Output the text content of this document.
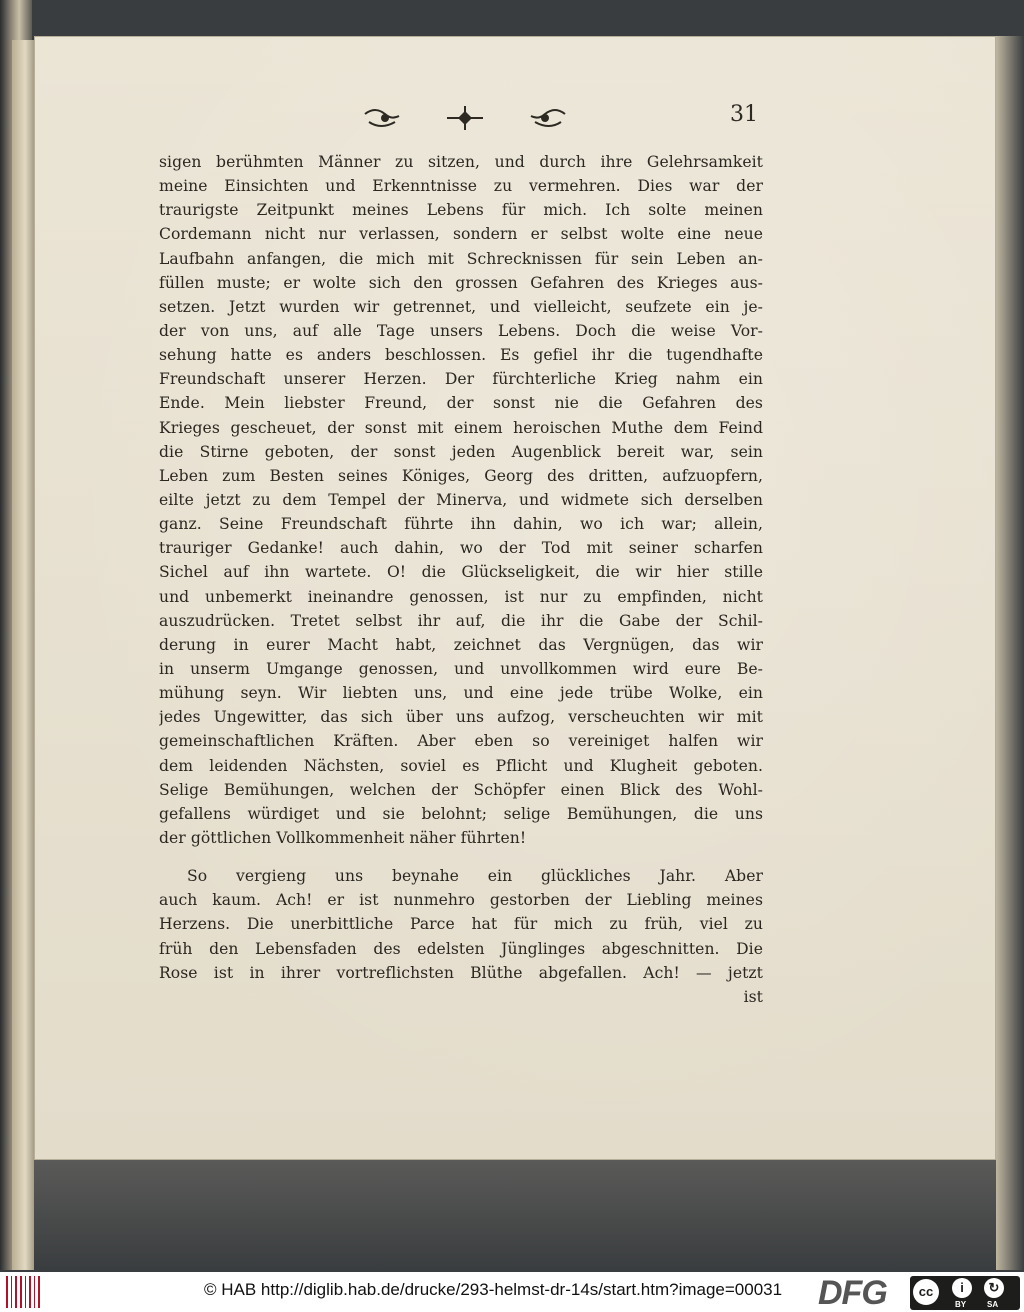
31
sigen berühmten Männer zu sitzen, und durch ihre Gelehrsamkeit
meine Einsichten und Erkenntnisse zu vermehren. Dies war der
traurigste Zeitpunkt meines Lebens für mich. Ich solte meinen
Cordemann nicht nur verlassen, sondern er selbst wolte eine neue
Laufbahn anfangen, die mich mit Schrecknissen für sein Leben an-
füllen muste; er wolte sich den grossen Gefahren des Krieges aus-
setzen. Jetzt wurden wir getrennet, und vielleicht, seufzete ein je-
der von uns, auf alle Tage unsers Lebens. Doch die weise Vor-
sehung hatte es anders beschlossen. Es gefiel ihr die tugendhafte
Freundschaft unserer Herzen. Der fürchterliche Krieg nahm ein
Ende. Mein liebster Freund, der sonst nie die Gefahren des
Krieges gescheuet, der sonst mit einem heroischen Muthe dem Feind
die Stirne geboten, der sonst jeden Augenblick bereit war, sein
Leben zum Besten seines Königes, Georg des dritten, aufzuopfern,
eilte jetzt zu dem Tempel der Minerva, und widmete sich derselben
ganz. Seine Freundschaft führte ihn dahin, wo ich war; allein,
trauriger Gedanke! auch dahin, wo der Tod mit seiner scharfen
Sichel auf ihn wartete. O! die Glückseligkeit, die wir hier stille
und unbemerkt ineinandre genossen, ist nur zu empfinden, nicht
auszudrücken. Tretet selbst ihr auf, die ihr die Gabe der Schil-
derung in eurer Macht habt, zeichnet das Vergnügen, das wir
in unserm Umgange genossen, und unvollkommen wird eure Be-
mühung seyn. Wir liebten uns, und eine jede trübe Wolke, ein
jedes Ungewitter, das sich über uns aufzog, verscheuchten wir mit
gemeinschaftlichen Kräften. Aber eben so vereiniget halfen wir
dem leidenden Nächsten, soviel es Pflicht und Klugheit geboten.
Selige Bemühungen, welchen der Schöpfer einen Blick des Wohl-
gefallens würdiget und sie belohnt; selige Bemühungen, die uns
der göttlichen Vollkommenheit näher führten!
So vergieng uns beynahe ein glückliches Jahr. Aber
auch kaum. Ach! er ist nunmehro gestorben der Liebling meines
Herzens. Die unerbittliche Parce hat für mich zu früh, viel zu
früh den Lebensfaden des edelsten Jünglinges abgeschnitten. Die
Rose ist in ihrer vortreflichsten Blüthe abgefallen. Ach! — jetzt
ist
© HAB http://diglib.hab.de/drucke/293-helmst-dr-14s/start.htm?image=00031 DFG	cc	i	↻
BY	SA
